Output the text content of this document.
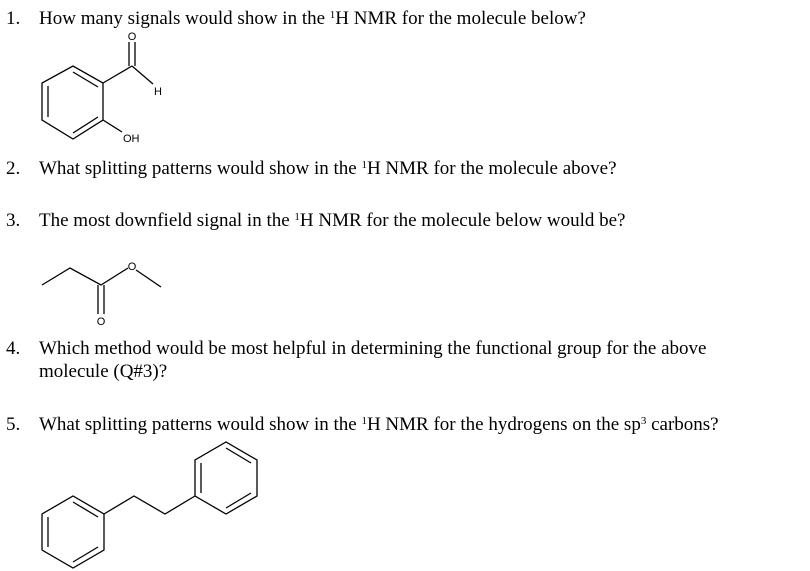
1. How many signals would show in the $^1$H NMR for the molecule below?
2. What splitting patterns would show in the $^1$H NMR for the molecule above?
3. The most downfield signal in the $^1$H NMR for the molecule below would be?
4. Which method would be most helpful in determining the functional group for the above
molecule (Q#3)?
5. What splitting patterns would show in the $^1$H NMR for the hydrogens on the $sp^3$ carbons?
O
H
OH
O
O
